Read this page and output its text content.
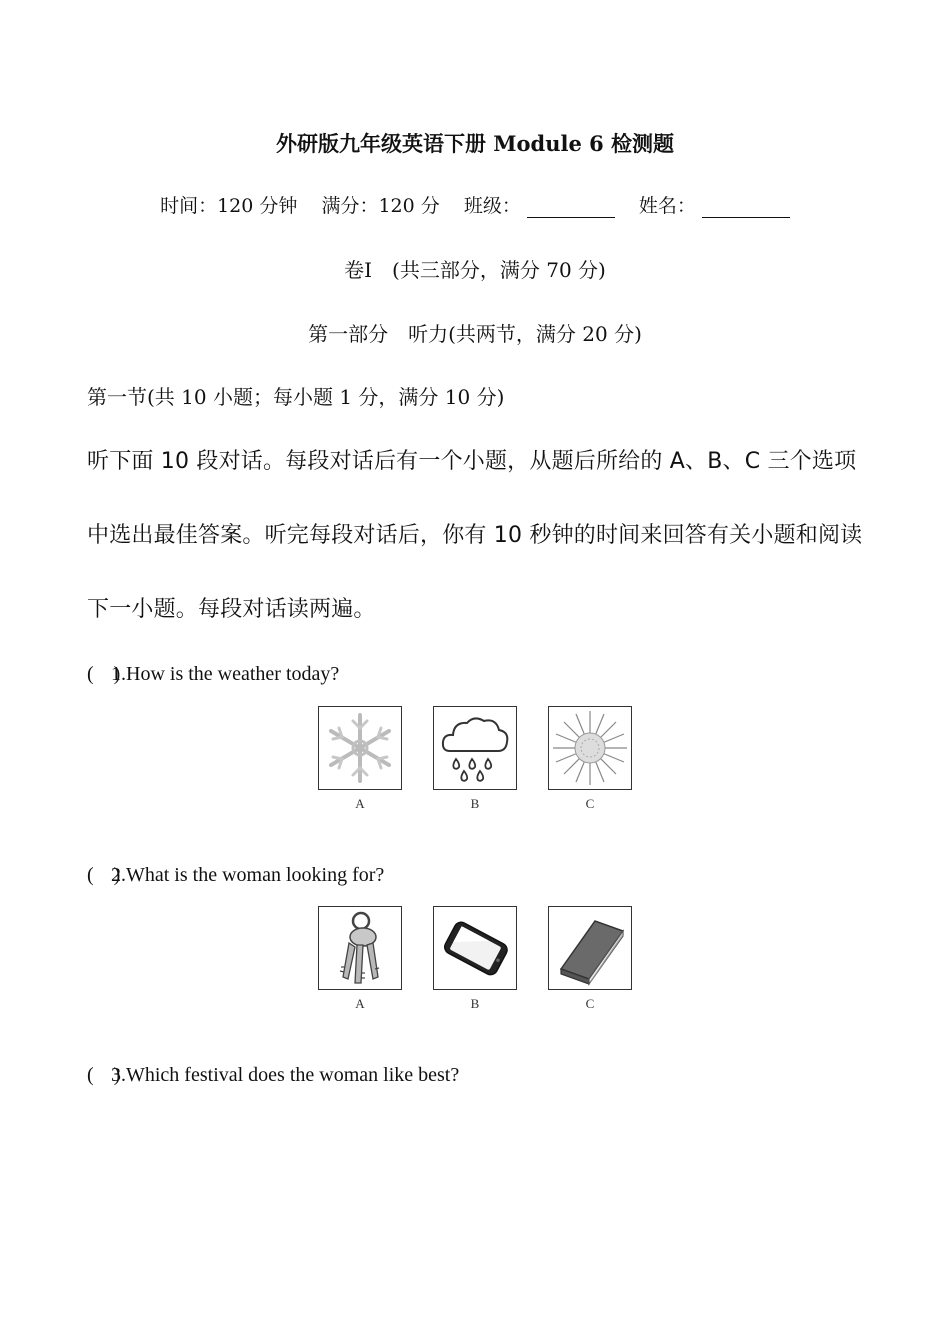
外研版九年级英语下册 Module 6 检测题
时间：120 分钟 满分：120 分 班级：	姓名：
卷Ⅰ　(共三部分，满分 70 分)
第一部分　听力(共两节，满分 20 分)
第一节(共 10 小题；每小题 1 分，满分 10 分)
听下面 10 段对话。每段对话后有一个小题，从题后所给的 A、B、C 三个选项
中选出最佳答案。听完每段对话后，你有 10 秒钟的时间来回答有关小题和阅读
下一小题。每段对话读两遍。
(　)1.How is the weather today?
A	B	C
(　)2.What is the woman looking for?
A	B	C
(　)3.Which festival does the woman like best?
